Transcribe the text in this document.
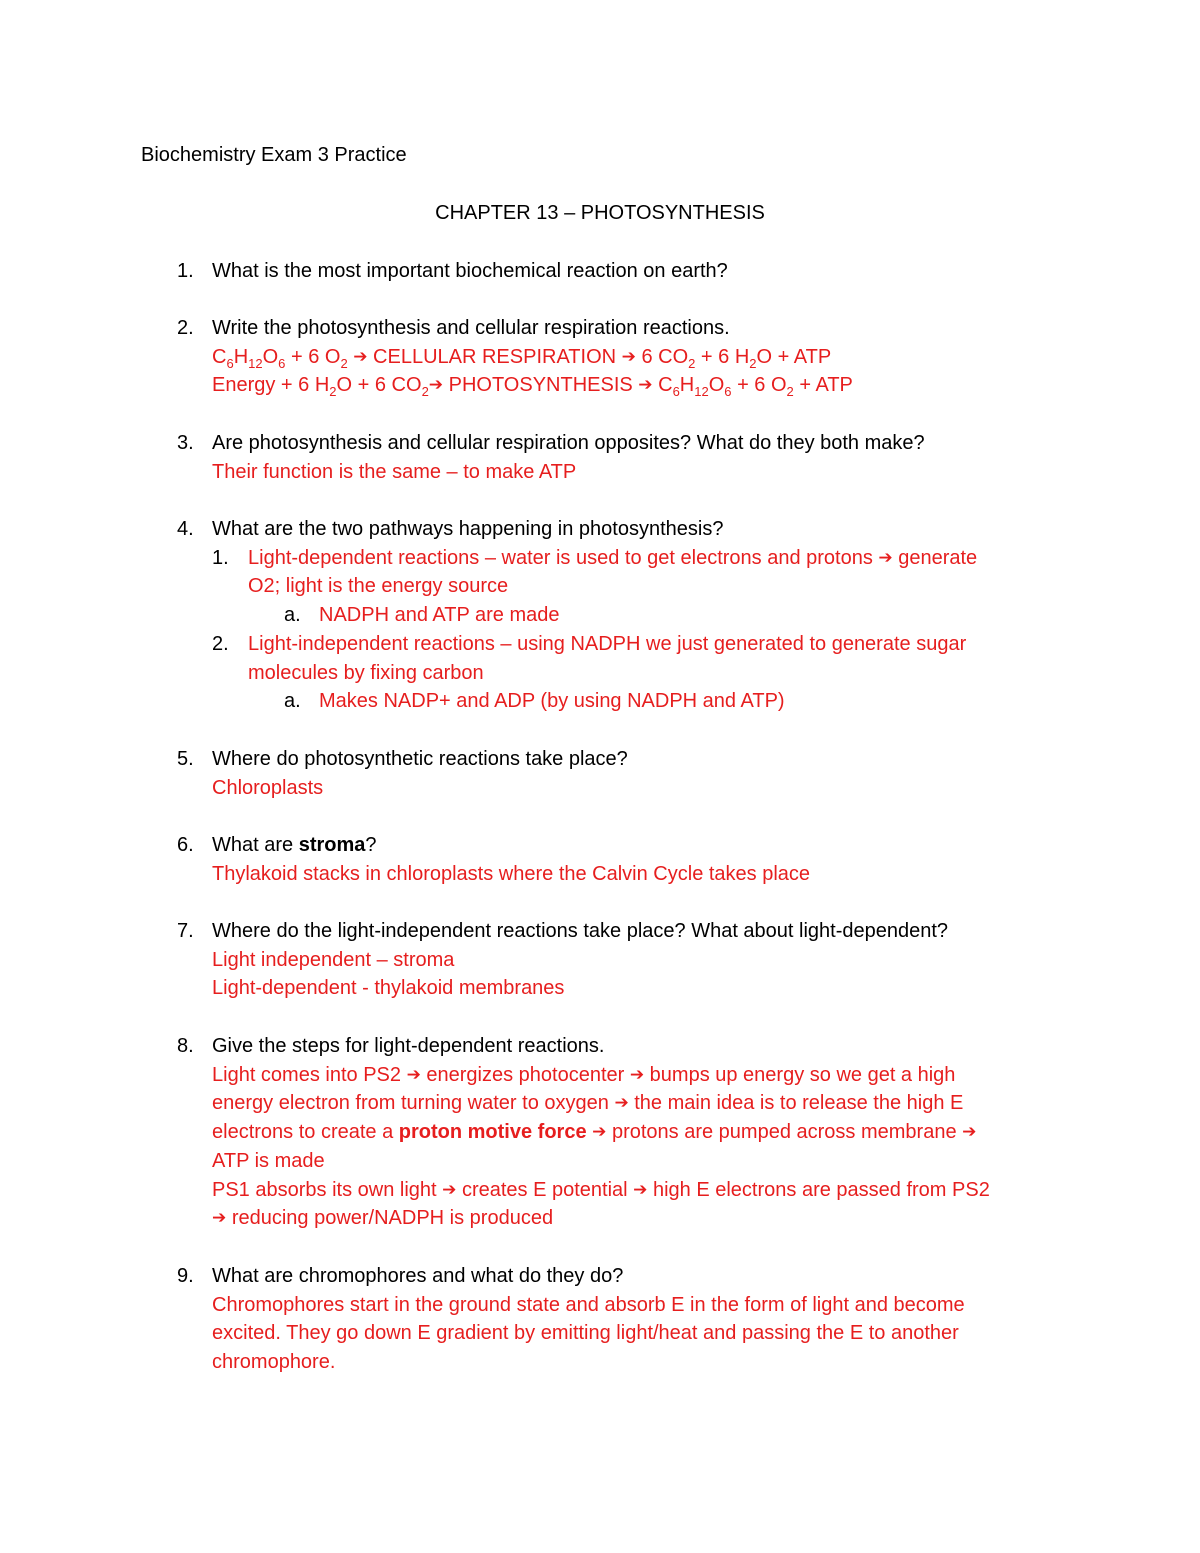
Biochemistry Exam 3 Practice
CHAPTER 13 – PHOTOSYNTHESIS
1. What is the most important biochemical reaction on earth?
2. Write the photosynthesis and cellular respiration reactions.
$C_6H_{12}O_6 + 6$ $O_2$ ➔ CELLULAR RESPIRATION ➔ 6 $CO_2 + 6$ $H_2O$ + ATP
Energy + 6 $H_2O + 6$ $CO_2➔$ PHOTOSYNTHESIS ➔ $C_6H_{12}O_6 + 6$ $O_2$ + ATP
3. Are photosynthesis and cellular respiration opposites? What do they both make?
Their function is the same – to make ATP
4. What are the two pathways happening in photosynthesis?
1. Light-dependent reactions – water is used to get electrons and protons ➔ generate
O2; light is the energy source
a. NADPH and ATP are made
2. Light-independent reactions – using NADPH we just generated to generate sugar
molecules by fixing carbon
a. Makes NADP+ and ADP (by using NADPH and ATP)
5. Where do photosynthetic reactions take place?
Chloroplasts
6. What are stroma?
Thylakoid stacks in chloroplasts where the Calvin Cycle takes place
7. Where do the light-independent reactions take place? What about light-dependent?
Light independent – stroma
Light-dependent - thylakoid membranes
8. Give the steps for light-dependent reactions.
Light comes into PS2 ➔ energizes photocenter ➔ bumps up energy so we get a high
energy electron from turning water to oxygen ➔ the main idea is to release the high E
electrons to create a proton motive force ➔ protons are pumped across membrane ➔
ATP is made
PS1 absorbs its own light ➔ creates E potential ➔ high E electrons are passed from PS2
➔ reducing power/NADPH is produced
9. What are chromophores and what do they do?
Chromophores start in the ground state and absorb E in the form of light and become
excited. They go down E gradient by emitting light/heat and passing the E to another
chromophore.
